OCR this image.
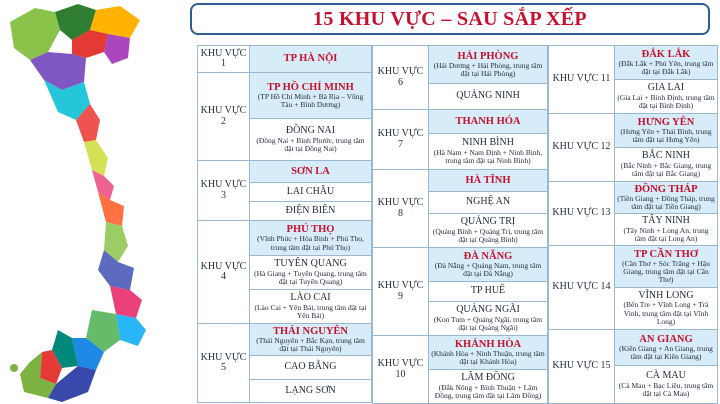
15 KHU VỰC – SAU SẮP XẾP
KHU VỰC 1	TP HÀ NỘI

KHU VỰC 2	TP HỒ CHÍ MINH
(TP Hồ Chí Minh + Bà Rịa – Vũng Tàu + Bình Dương)

	ĐỒNG NAI
(Đồng Nai + Bình Phước, trung tâm đặt tại Đồng Nai)

KHU VỰC 3	SƠN LA

	LAI CHÂU

	ĐIỆN BIÊN

KHU VỰC 4	PHÚ THỌ
(Vĩnh Phúc + Hòa Bình + Phú Thọ, trung tâm đặt tại Phú Thọ)

	TUYÊN QUANG
(Hà Giang + Tuyên Quang, trung tâm đặt tại Tuyên Quang)

	LÀO CAI
(Lào Cai + Yên Bái, trung tâm đặt tại Yên Bái)

KHU VỰC 5	THÁI NGUYÊN
(Thái Nguyên + Bắc Kạn, trung tâm đặt tại Thái Nguyên)

	CAO BẰNG

	LẠNG SƠN
KHU VỰC 6	HẢI PHÒNG
(Hải Dương + Hải Phòng, trung tâm đặt tại Hải Phòng)

	QUẢNG NINH

KHU VỰC 7	THANH HÓA

	NINH BÌNH
(Hà Nam + Nam Định + Ninh Bình, trung tâm đặt tại Ninh Bình)

KHU VỰC 8	HÀ TĨNH

	NGHỆ AN

	QUẢNG TRỊ
(Quảng Bình + Quảng Trị, trung tâm đặt tại Quảng Bình)

KHU VỰC 9	ĐÀ NẴNG
(Đà Nẵng + Quảng Nam, trung tâm đặt tại Đà Nẵng)

	TP HUẾ

	QUẢNG NGÃI
(Kon Tum + Quảng Ngãi, trung tâm đặt tại Quảng Ngãi)

KHU VỰC 10	KHÁNH HÒA
(Khánh Hòa + Ninh Thuận, trung tâm đặt tại Khánh Hòa)

	LÂM ĐỒNG
(Đắk Nông + Bình Thuận + Lâm Đồng, trung tâm đặt tại Lâm Đồng)
KHU VỰC 11	ĐẮK LẮK
(Đắk Lắk + Phú Yên, trung tâm đặt tại Đắk Lắk)

	GIA LAI
(Gia Lai + Bình Định, trung tâm đặt tại Bình Định)

KHU VỰC 12	HƯNG YÊN
(Hưng Yên + Thái Bình, trung tâm đặt tại Hưng Yên)

	BẮC NINH
(Bắc Ninh + Bắc Giang, trung tâm đặt tại Bắc Giang)

KHU VỰC 13	ĐỒNG THÁP
(Tiền Giang + Đồng Tháp, trung tâm đặt tại Tiền Giang)

	TÂY NINH
(Tây Ninh + Long An, trung tâm đặt tại Long An)

KHU VỰC 14	TP CẦN THƠ
(Cần Thơ + Sóc Trăng + Hậu Giang, trung tâm đặt tại Cần Thơ)

	VĨNH LONG
(Bến Tre + Vĩnh Long + Trà Vinh, trung tâm đặt tại Vĩnh Long)

KHU VỰC 15	AN GIANG
(Kiên Giang + An Giang, trung tâm đặt tại Kiên Giang)

	CÀ MAU
(Cà Mau + Bạc Liêu, trung tâm đặt tại Cà Mau)
